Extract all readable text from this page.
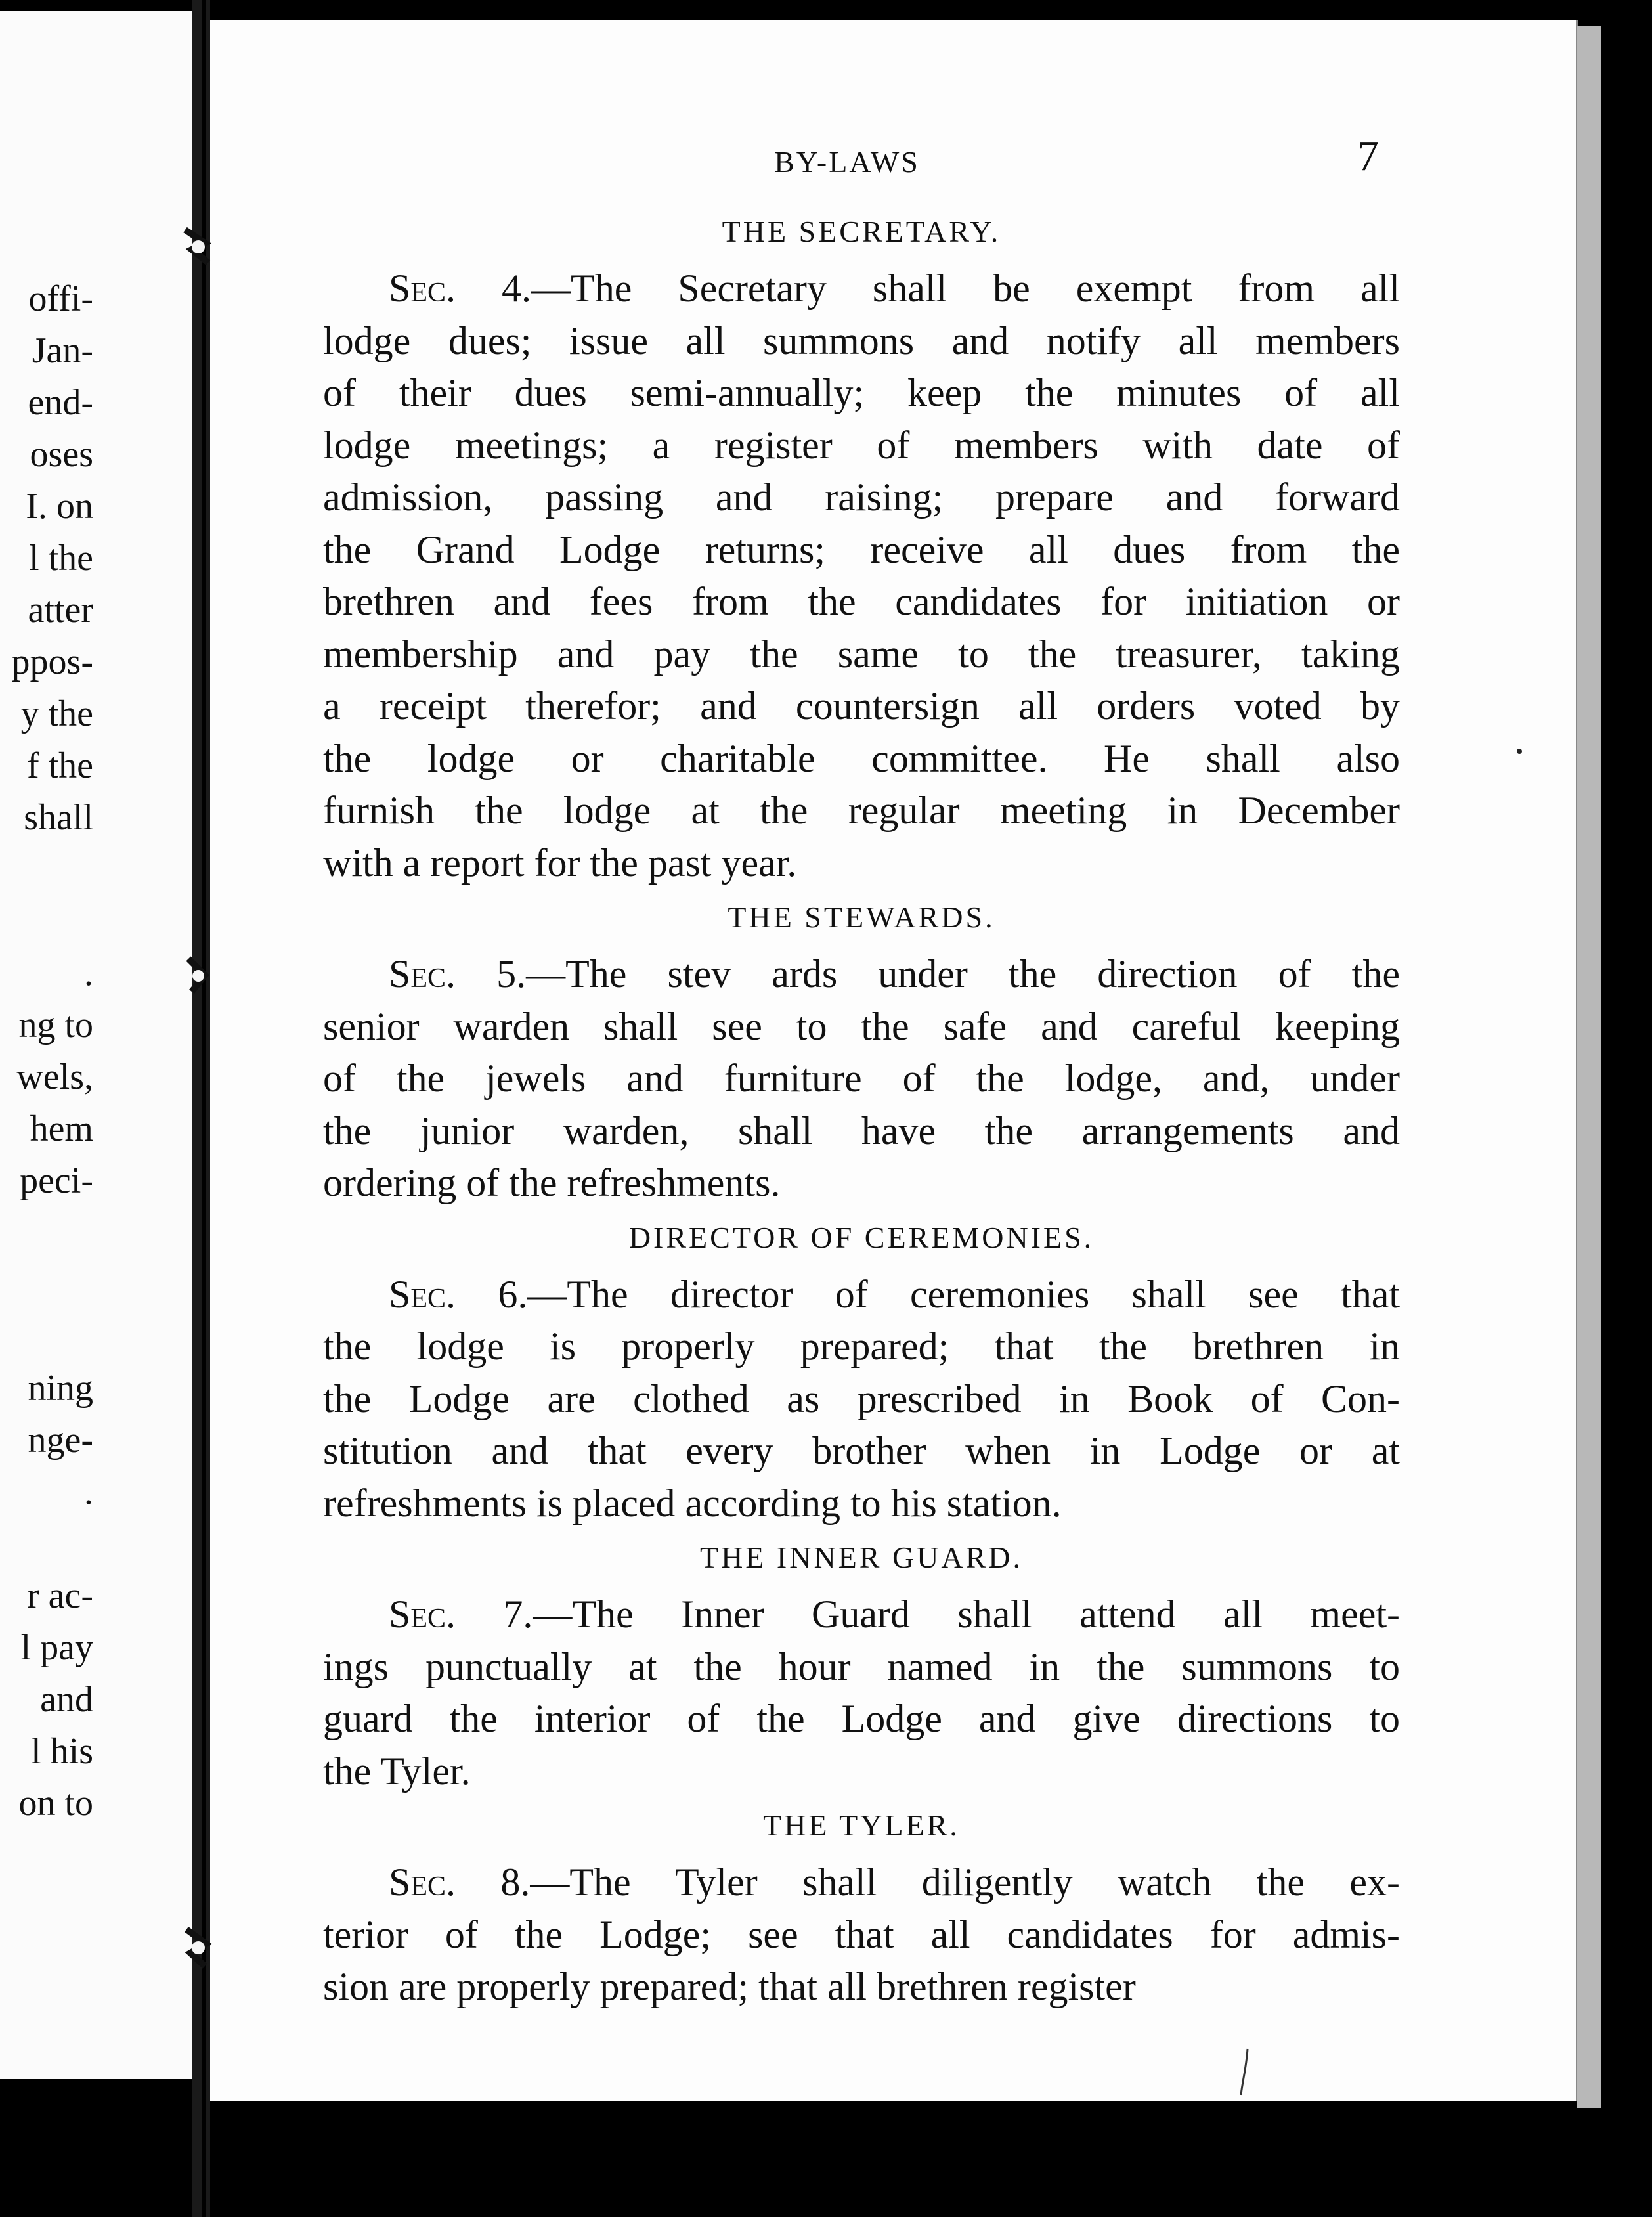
offi-
Jan-
end-
oses
I. on
l the
atter
ppos-
y the
f the
shall
.
ng to
wels,
hem
peci-
ning
nge-
.
r ac-
l pay
and
l his
on to
BY-LAWS	7
THE SECRETARY.
Sec. 4.—The Secretary shall be exempt from all
lodge dues; issue all summons and notify all members
of their dues semi-annually; keep the minutes of all
lodge meetings; a register of members with date of
admission, passing and raising; prepare and forward
the Grand Lodge returns; receive all dues from the
brethren and fees from the candidates for initiation or
membership and pay the same to the treasurer, taking
a receipt therefor; and countersign all orders voted by
the lodge or charitable committee. He shall also
furnish the lodge at the regular meeting in December
with a report for the past year.
THE STEWARDS.
Sec. 5.—The stev ards under the direction of the
senior warden shall see to the safe and careful keeping
of the jewels and furniture of the lodge, and, under
the junior warden, shall have the arrangements and
ordering of the refreshments.
DIRECTOR OF CEREMONIES.
Sec. 6.—The director of ceremonies shall see that
the lodge is properly prepared; that the brethren in
the Lodge are clothed as prescribed in Book of Con-
stitution and that every brother when in Lodge or at
refreshments is placed according to his station.
THE INNER GUARD.
Sec. 7.—The Inner Guard shall attend all meet-
ings punctually at the hour named in the summons to
guard the interior of the Lodge and give directions to
the Tyler.
THE TYLER.
Sec. 8.—The Tyler shall diligently watch the ex-
terior of the Lodge; see that all candidates for admis-
sion are properly prepared; that all brethren register
